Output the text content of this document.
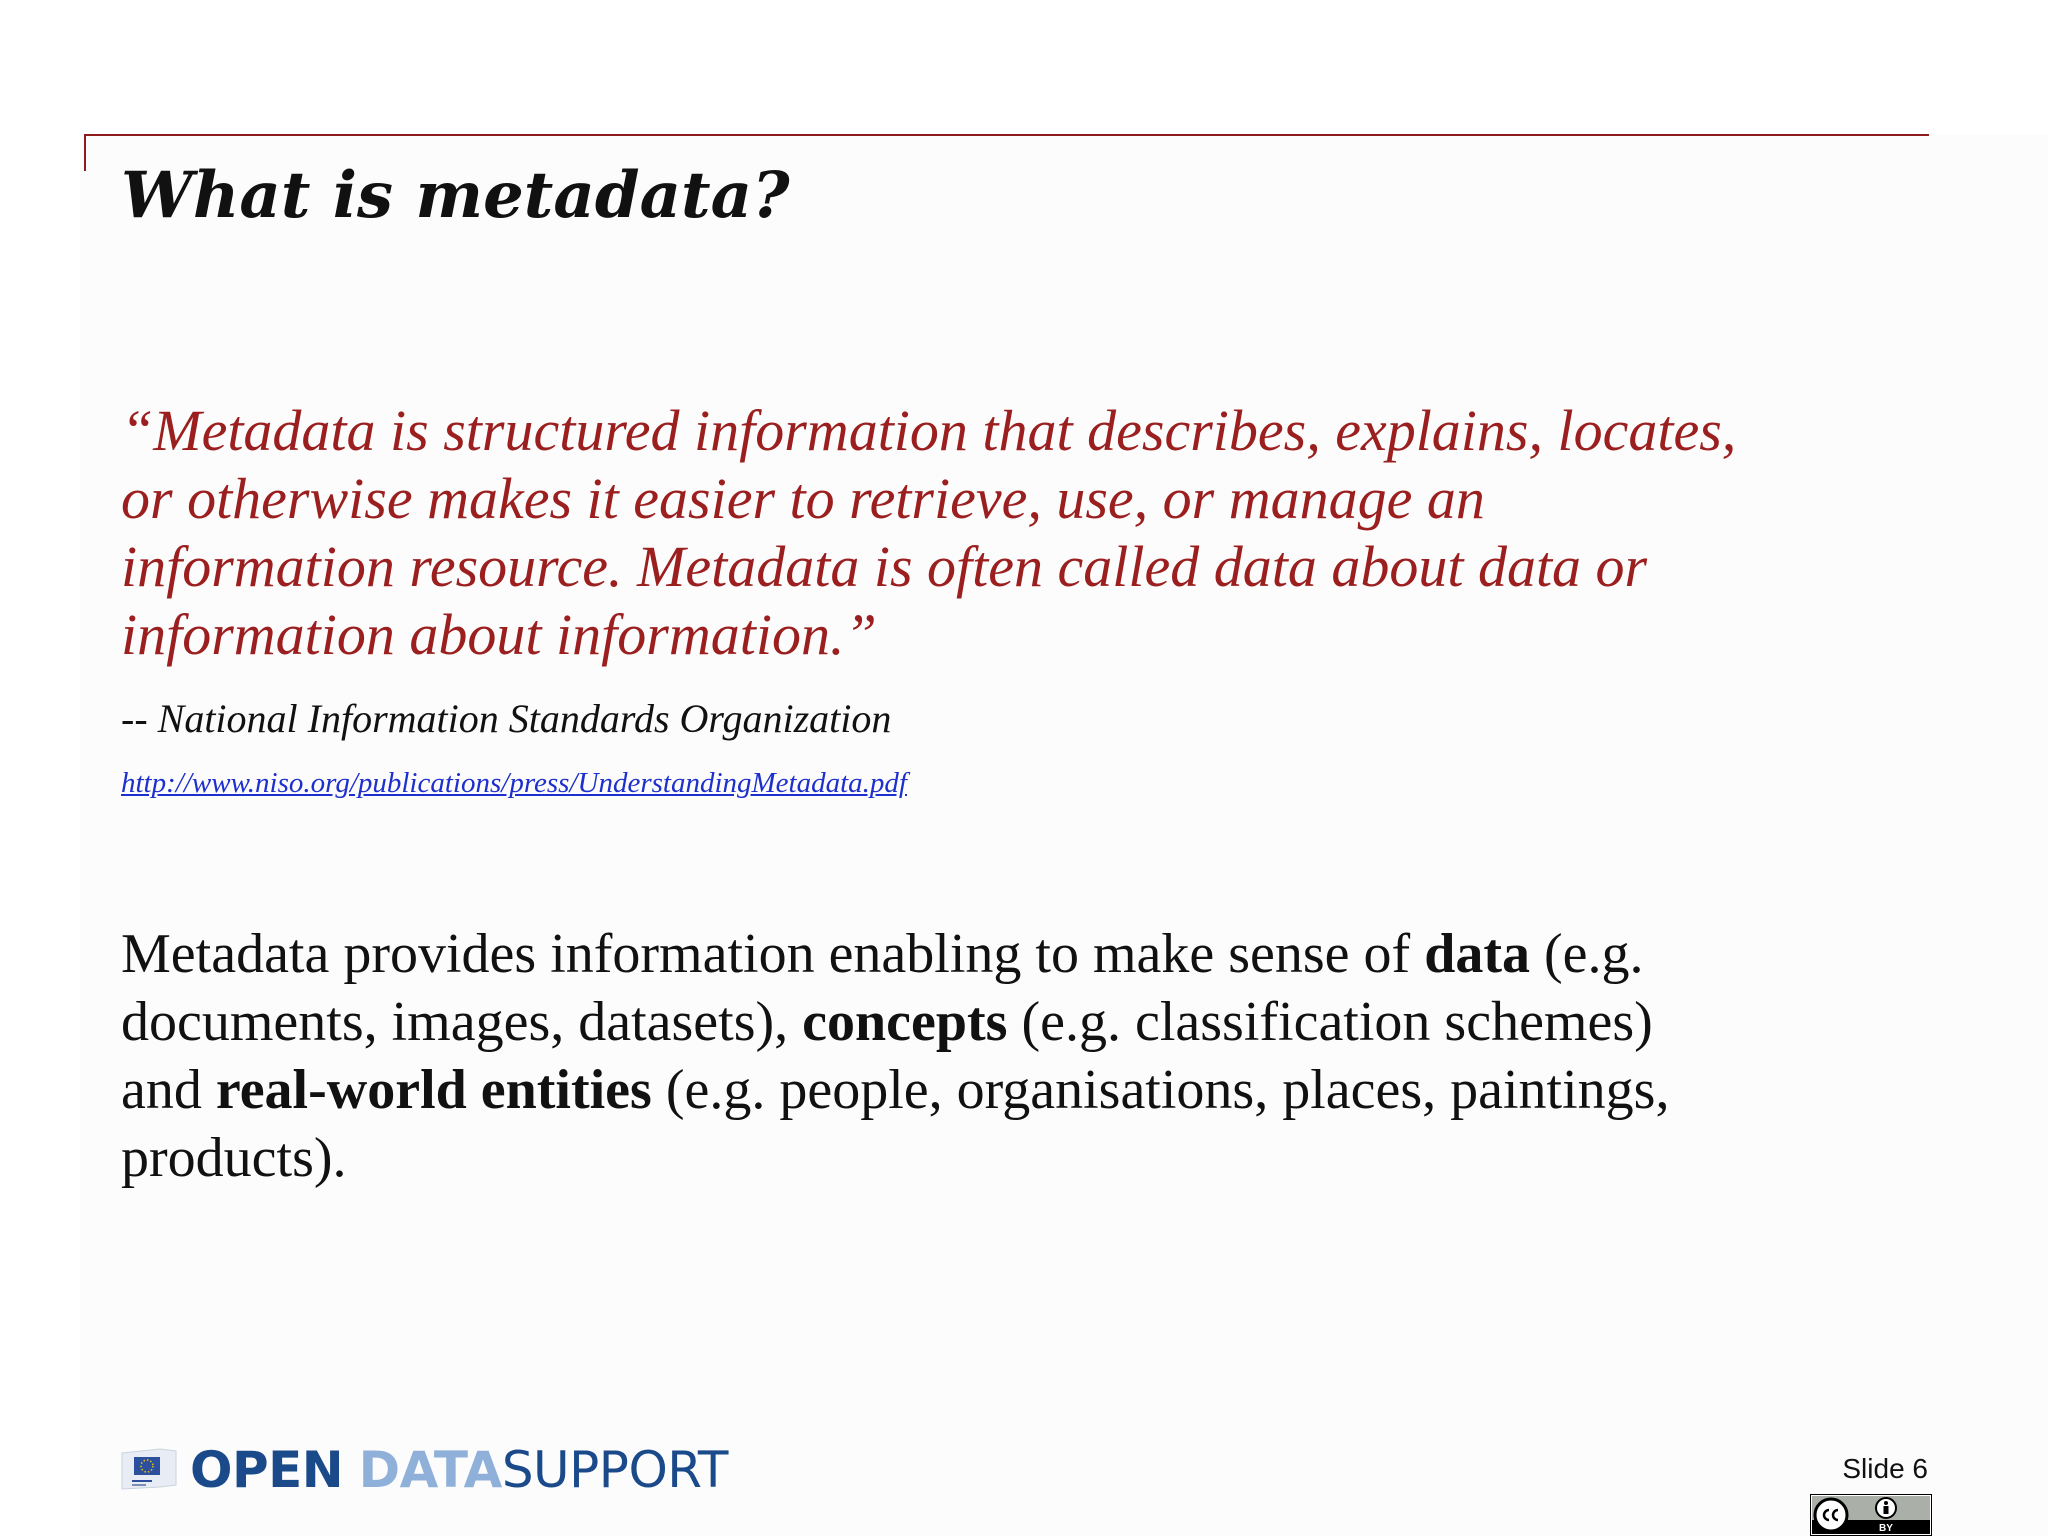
What is metadata?
“Metadata is structured information that describes, explains, locates,
or otherwise makes it easier to retrieve, use, or manage an
information resource. Metadata is often called data about data or
information about information.”
-- National Information Standards Organization
http://www.niso.org/publications/press/UnderstandingMetadata.pdf
Metadata provides information enabling to make sense of data (e.g.
documents, images, datasets), concepts (e.g. classification schemes)
and real-world entities (e.g. people, organisations, places, paintings,
products).
OPEN DATASUPPORT	Slide 6
BY
